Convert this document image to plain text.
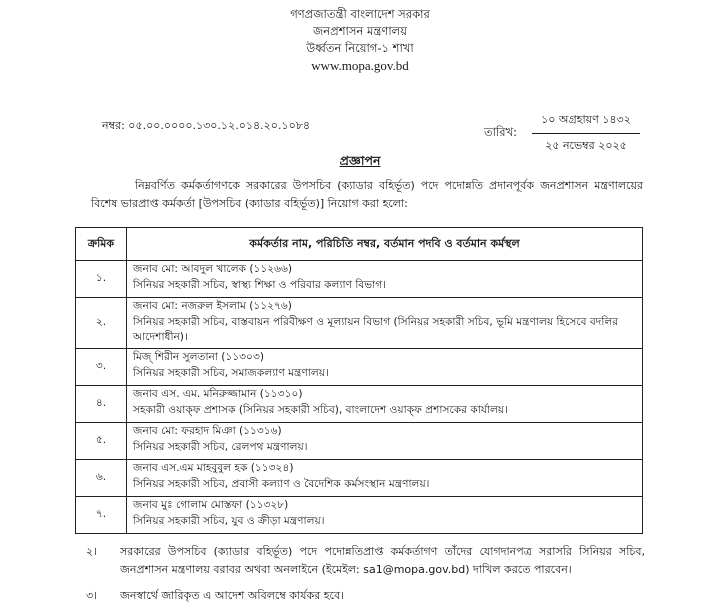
গণপ্রজাতন্ত্রী বাংলাদেশ সরকার
জনপ্রশাসন মন্ত্রণালয়
উর্ধ্বতন নিয়োগ-১ শাখা
www.mopa.gov.bd
নম্বর: ০৫.০০.০০০০.১৩০.১২.০১৪.২০.১০৮৪	তারিখ:
১০ অগ্রহায়ণ ১৪৩২
২৫ নভেম্বর ২০২৫
প্রজ্ঞাপন
নিম্নবর্ণিত কর্মকর্তাগণকে সরকারের উপসচিব (ক্যাডার বহির্ভূত) পদে পদোন্নতি প্রদানপূর্বক জনপ্রশাসন মন্ত্রণালয়ের বিশেষ ভারপ্রাপ্ত কর্মকর্তা [উপসচিব (ক্যাডার বহির্ভূত)] নিয়োগ করা হলো:
ক্রমিক	কর্মকর্তার নাম, পরিচিতি নম্বর, বর্তমান পদবি ও বর্তমান কর্মস্থল
১.	জনাব মো: আবদুল খালেক (১১২৬৬)
সিনিয়র সহকারী সচিব, স্বাস্থ্য শিক্ষা ও পরিবার কল্যাণ বিভাগ।

২.	জনাব মো: নজরুল ইসলাম (১১২৭৬)
সিনিয়র সহকারী সচিব, বাস্তবায়ন পরিবীক্ষণ ও মূল্যায়ন বিভাগ (সিনিয়র সহকারী সচিব, ভূমি মন্ত্রণালয় হিসেবে বদলির আদেশাধীন)।

৩.	মিজ্ শিরীন সুলতানা (১১৩০৩)
সিনিয়র সহকারী সচিব, সমাজকল্যাণ মন্ত্রণালয়।

৪.	জনাব এস. এম. মনিরুজ্জামান (১১৩১০)
সহকারী ওয়াক্ফ প্রশাসক (সিনিয়র সহকারী সচিব), বাংলাদেশ ওয়াক্ফ প্রশাসকের কার্যালয়।

৫.	জনাব মো: ফরহাদ মিঞা (১১৩১৬)
সিনিয়র সহকারী সচিব, রেলপথ মন্ত্রণালয়।

৬.	জনাব এস.এম মাহবুবুল হক (১১৩২৪)
সিনিয়র সহকারী সচিব, প্রবাসী কল্যাণ ও বৈদেশিক কর্মসংস্থান মন্ত্রণালয়।

৭.	জনাব মুঃ গোলাম মোস্তফা (১১৩২৮)
সিনিয়র সহকারী সচিব, যুব ও ক্রীড়া মন্ত্রণালয়।
২। সরকারের উপসচিব (ক্যাডার বহির্ভূত) পদে পদোন্নতিপ্রাপ্ত কর্মকর্তাগণ তাঁদের যোগদানপত্র সরাসরি সিনিয়র সচিব, জনপ্রশাসন মন্ত্রণালয় বরাবর অথবা অনলাইনে (ইমেইল: sa1@mopa.gov.bd) দাখিল করতে পারবেন।
৩। জনস্বার্থে জারিকৃত এ আদেশ অবিলম্বে কার্যকর হবে।
